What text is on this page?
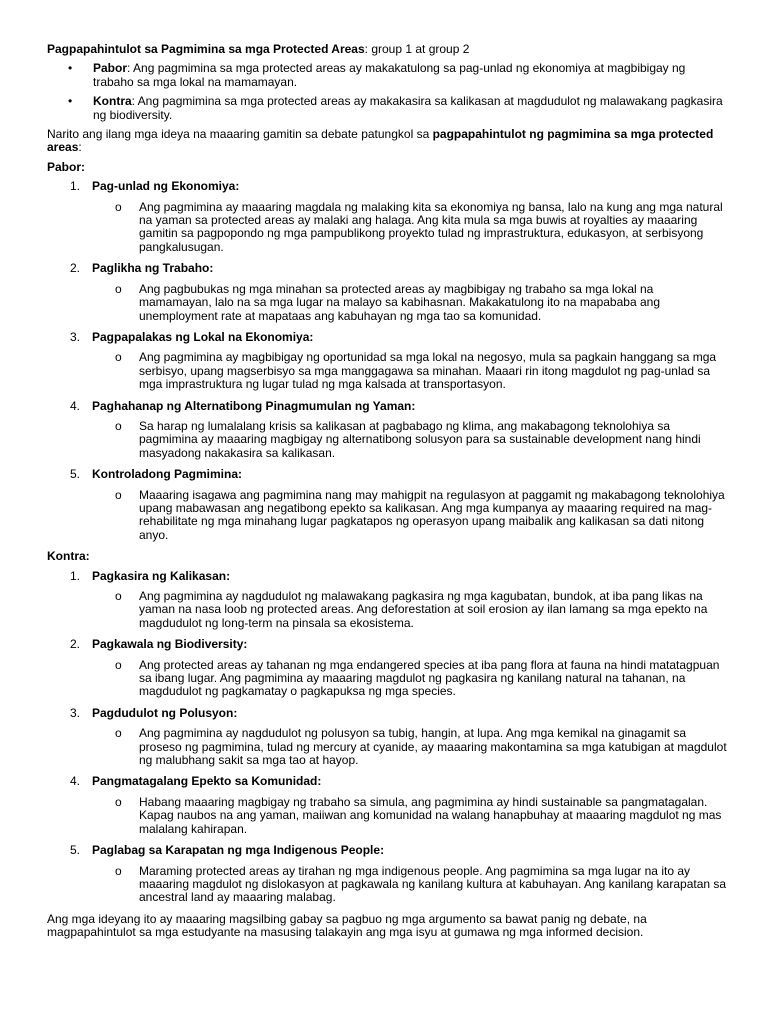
Pagpapahintulot sa Pagmimina sa mga Protected Areas: group 1 at group 2

• Pabor: Ang pagmimina sa mga protected areas ay makakatulong sa pag-unlad ng ekonomiya at magbibigay ng trabaho sa mga lokal na mamamayan.
• Kontra: Ang pagmimina sa mga protected areas ay makakasira sa kalikasan at magdudulot ng malawakang pagkasira ng biodiversity.

Narito ang ilang mga ideya na maaaring gamitin sa debate patungkol sa pagpapahintulot ng pagmimina sa mga protected areas:

Pabor:

1. Pag-unlad ng Ekonomiya:
o Ang pagmimina ay maaaring magdala ng malaking kita sa ekonomiya ng bansa, lalo na kung ang mga natural na yaman sa protected areas ay malaki ang halaga. Ang kita mula sa mga buwis at royalties ay maaaring gamitin sa pagpopondo ng mga pampublikong proyekto tulad ng imprastruktura, edukasyon, at serbisyong pangkalusugan.
2. Paglikha ng Trabaho:
o Ang pagbubukas ng mga minahan sa protected areas ay magbibigay ng trabaho sa mga lokal na mamamayan, lalo na sa mga lugar na malayo sa kabihasnan. Makakatulong ito na mapababa ang unemployment rate at mapataas ang kabuhayan ng mga tao sa komunidad.
3. Pagpapalakas ng Lokal na Ekonomiya:
o Ang pagmimina ay magbibigay ng oportunidad sa mga lokal na negosyo, mula sa pagkain hanggang sa mga serbisyo, upang magserbisyo sa mga manggagawa sa minahan. Maaari rin itong magdulot ng pag-unlad sa mga imprastruktura ng lugar tulad ng mga kalsada at transportasyon.
4. Paghahanap ng Alternatibong Pinagmumulan ng Yaman:
o Sa harap ng lumalalang krisis sa kalikasan at pagbabago ng klima, ang makabagong teknolohiya sa pagmimina ay maaaring magbigay ng alternatibong solusyon para sa sustainable development nang hindi masyadong nakakasira sa kalikasan.
5. Kontroladong Pagmimina:
o Maaaring isagawa ang pagmimina nang may mahigpit na regulasyon at paggamit ng makabagong teknolohiya upang mabawasan ang negatibong epekto sa kalikasan. Ang mga kumpanya ay maaaring required na mag-rehabilitate ng mga minahang lugar pagkatapos ng operasyon upang maibalik ang kalikasan sa dati nitong anyo.

Kontra:

1. Pagkasira ng Kalikasan:
o Ang pagmimina ay nagdudulot ng malawakang pagkasira ng mga kagubatan, bundok, at iba pang likas na yaman na nasa loob ng protected areas. Ang deforestation at soil erosion ay ilan lamang sa mga epekto na magdudulot ng long-term na pinsala sa ekosistema.
2. Pagkawala ng Biodiversity:
o Ang protected areas ay tahanan ng mga endangered species at iba pang flora at fauna na hindi matatagpuan sa ibang lugar. Ang pagmimina ay maaaring magdulot ng pagkasira ng kanilang natural na tahanan, na magdudulot ng pagkamatay o pagkapuksa ng mga species.
3. Pagdudulot ng Polusyon:
o Ang pagmimina ay nagdudulot ng polusyon sa tubig, hangin, at lupa. Ang mga kemikal na ginagamit sa proseso ng pagmimina, tulad ng mercury at cyanide, ay maaaring makontamina sa mga katubigan at magdulot ng malubhang sakit sa mga tao at hayop.
4. Pangmatagalang Epekto sa Komunidad:
o Habang maaaring magbigay ng trabaho sa simula, ang pagmimina ay hindi sustainable sa pangmatagalan. Kapag naubos na ang yaman, maiiwan ang komunidad na walang hanapbuhay at maaaring magdulot ng mas malalang kahirapan.
5. Paglabag sa Karapatan ng mga Indigenous People:
o Maraming protected areas ay tirahan ng mga indigenous people. Ang pagmimina sa mga lugar na ito ay maaaring magdulot ng dislokasyon at pagkawala ng kanilang kultura at kabuhayan. Ang kanilang karapatan sa ancestral land ay maaaring malabag.

Ang mga ideyang ito ay maaaring magsilbing gabay sa pagbuo ng mga argumento sa bawat panig ng debate, na magpapahintulot sa mga estudyante na masusing talakayin ang mga isyu at gumawa ng mga informed decision.
